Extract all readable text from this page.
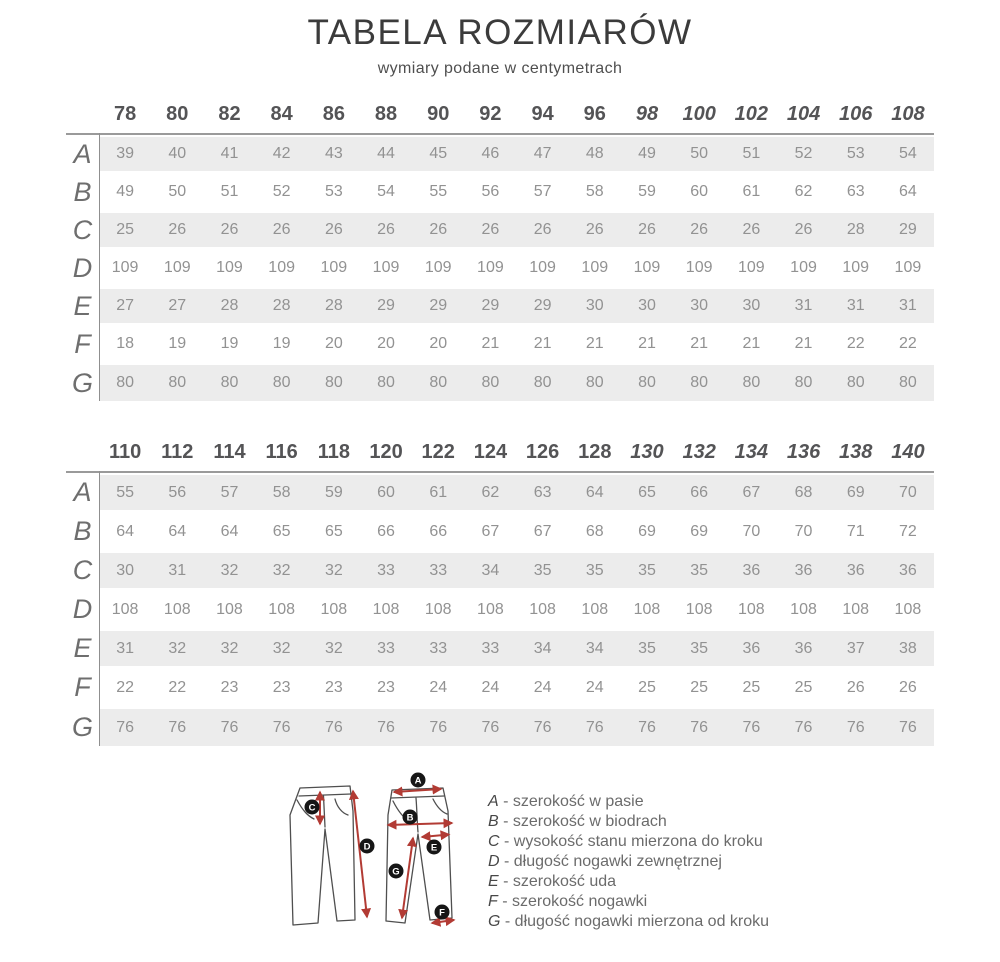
TABELA ROZMIARÓW
wymiary podane w centymetrach
	78	80	82	84	86	88	90	92	94	96	98	100	102	104	106	108
A	39	40	41	42	43	44	45	46	47	48	49	50	51	52	53	54
B	49	50	51	52	53	54	55	56	57	58	59	60	61	62	63	64
C	25	26	26	26	26	26	26	26	26	26	26	26	26	26	28	29
D	109	109	109	109	109	109	109	109	109	109	109	109	109	109	109	109
E	27	27	28	28	28	29	29	29	29	30	30	30	30	31	31	31
F	18	19	19	19	20	20	20	21	21	21	21	21	21	21	22	22
G	80	80	80	80	80	80	80	80	80	80	80	80	80	80	80	80
	110	112	114	116	118	120	122	124	126	128	130	132	134	136	138	140
A	55	56	57	58	59	60	61	62	63	64	65	66	67	68	69	70
B	64	64	64	65	65	66	66	67	67	68	69	69	70	70	71	72
C	30	31	32	32	32	33	33	34	35	35	35	35	36	36	36	36
D	108	108	108	108	108	108	108	108	108	108	108	108	108	108	108	108
E	31	32	32	32	32	33	33	33	34	34	35	35	36	36	37	38
F	22	22	23	23	23	23	24	24	24	24	25	25	25	25	26	26
G	76	76	76	76	76	76	76	76	76	76	76	76	76	76	76	76
A
B
C
D	E
F
G
A - szerokość w pasie
B - szerokość w biodrach
C - wysokość stanu mierzona do kroku
D - długość nogawki zewnętrznej
E - szerokość uda
F - szerokość nogawki
G - długość nogawki mierzona od kroku
